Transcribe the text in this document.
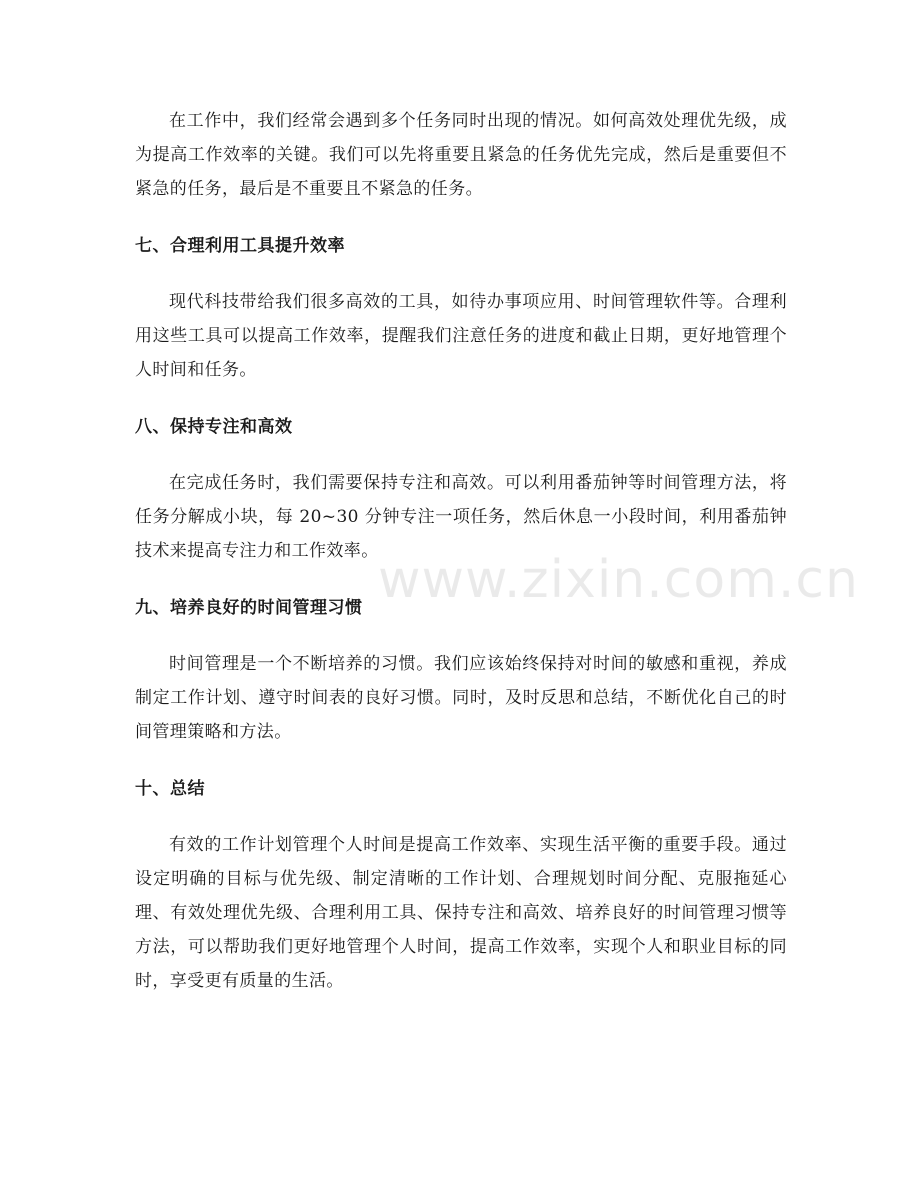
在工作中，我们经常会遇到多个任务同时出现的情况。如何高效处理优先级，成为提高工作效率的关键。我们可以先将重要且紧急的任务优先完成，然后是重要但不紧急的任务，最后是不重要且不紧急的任务。

七、合理利用工具提升效率

现代科技带给我们很多高效的工具，如待办事项应用、时间管理软件等。合理利用这些工具可以提高工作效率，提醒我们注意任务的进度和截止日期，更好地管理个人时间和任务。

八、保持专注和高效

在完成任务时，我们需要保持专注和高效。可以利用番茄钟等时间管理方法，将任务分解成小块，每 20~30 分钟专注一项任务，然后休息一小段时间，利用番茄钟技术来提高专注力和工作效率。

九、培养良好的时间管理习惯

时间管理是一个不断培养的习惯。我们应该始终保持对时间的敏感和重视，养成制定工作计划、遵守时间表的良好习惯。同时，及时反思和总结，不断优化自己的时间管理策略和方法。

十、总结

有效的工作计划管理个人时间是提高工作效率、实现生活平衡的重要手段。通过设定明确的目标与优先级、制定清晰的工作计划、合理规划时间分配、克服拖延心理、有效处理优先级、合理利用工具、保持专注和高效、培养良好的时间管理习惯等方法，可以帮助我们更好地管理个人时间，提高工作效率，实现个人和职业目标的同时，享受更有质量的生活。

www.zixin.com.cn
